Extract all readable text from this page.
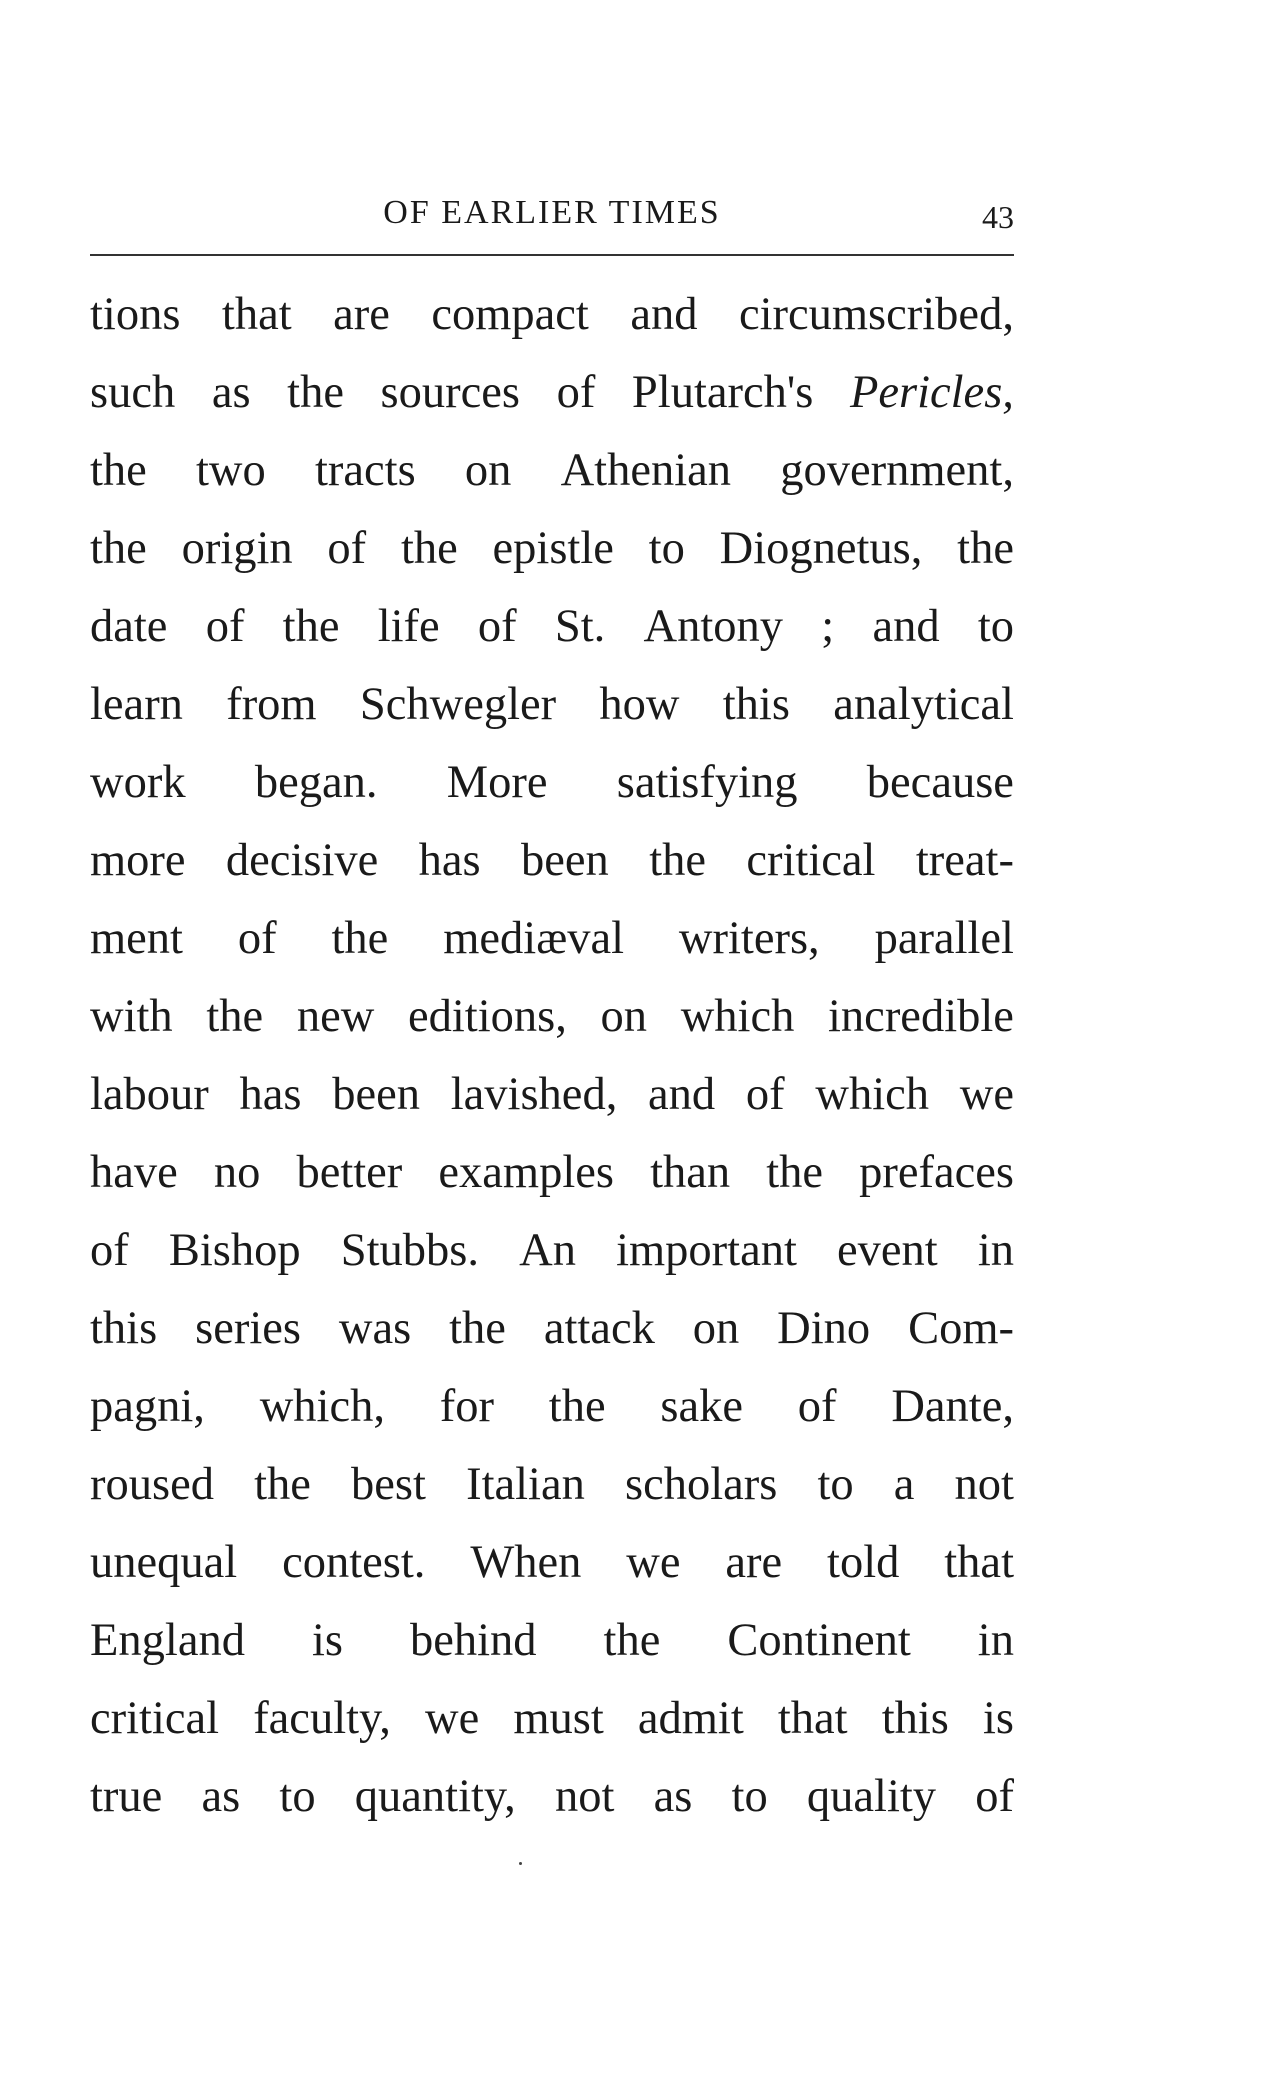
OF EARLIER TIMES	43
tions that are compact and circumscribed,
such as the sources of Plutarch's Pericles,
the two tracts on Athenian government,
the origin of the epistle to Diognetus, the
date of the life of St. Antony ; and to
learn from Schwegler how this analytical
work began. More satisfying because
more decisive has been the critical treat-
ment of the mediæval writers, parallel
with the new editions, on which incredible
labour has been lavished, and of which we
have no better examples than the prefaces
of Bishop Stubbs. An important event in
this series was the attack on Dino Com-
pagni, which, for the sake of Dante,
roused the best Italian scholars to a not
unequal contest. When we are told that
England is behind the Continent in
critical faculty, we must admit that this is
true as to quantity, not as to quality of
